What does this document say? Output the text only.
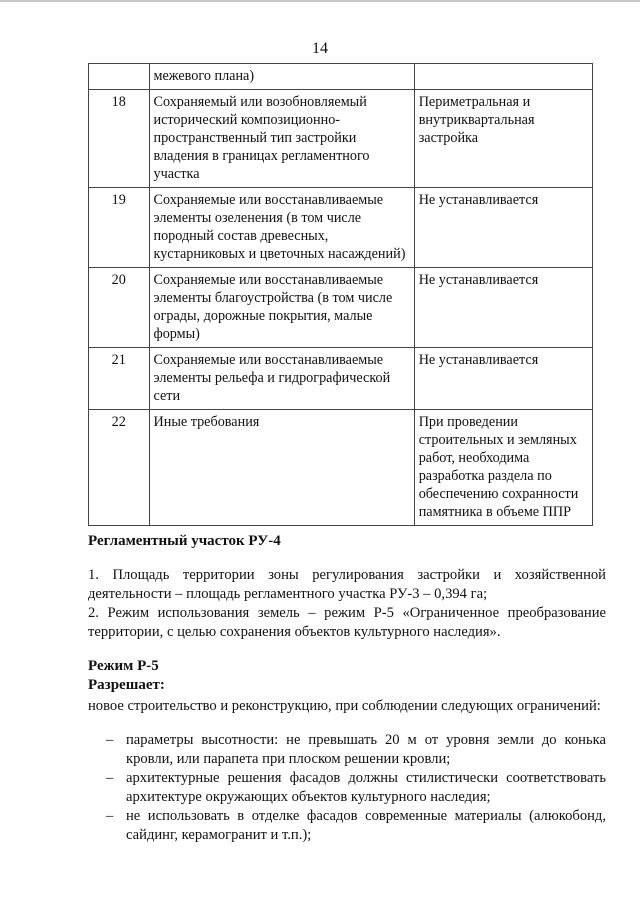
14
	межевого плана)	
18	Сохраняемый или возобновляемый исторический композиционно-пространственный тип застройки владения в границах регламентного участка	Периметральная и внутриквартальная застройка
19	Сохраняемые или восстанавливаемые элементы озеленения (в том числе породный состав древесных, кустарниковых и цветочных насаждений)	Не устанавливается
20	Сохраняемые или восстанавливаемые элементы благоустройства (в том числе ограды, дорожные покрытия, малые формы)	Не устанавливается
21	Сохраняемые или восстанавливаемые элементы рельефа и гидрографической сети	Не устанавливается
22	Иные требования	При проведении строительных и земляных работ, необходима разработка раздела по обеспечению сохранности памятника в объеме ППР
Регламентный участок РУ-4

1. Площадь территории зоны регулирования застройки и хозяйственной деятельности – площадь регламентного участка РУ-3 – 0,394 га;

2. Режим использования земель – режим Р-5 «Ограниченное преобразование территории, с целью сохранения объектов культурного наследия».

Режим Р-5
Разрешает:

новое строительство и реконструкцию, при соблюдении следующих ограничений:

– параметры высотности: не превышать 20 м от уровня земли до конька кровли, или парапета при плоском решении кровли;
– архитектурные решения фасадов должны стилистически соответствовать архитектуре окружающих объектов культурного наследия;
– не использовать в отделке фасадов современные материалы (алюкобонд, сайдинг, керамогранит и т.п.);
